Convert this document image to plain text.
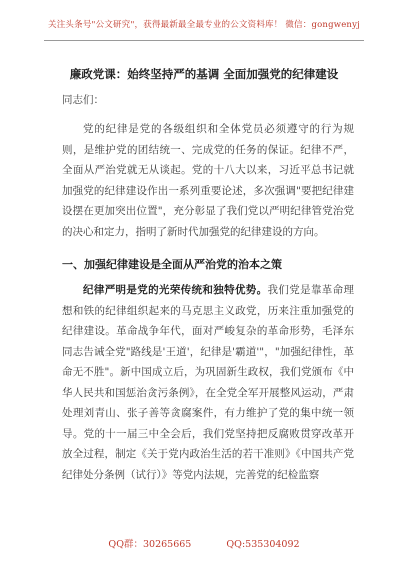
关注头条号"公文研究"，获得最新最全最专业的公文资料库！ 微信：gongwenyj
廉政党课：始终坚持严的基调 全面加强党的纪律建设
同志们：

党的纪律是党的各级组织和全体党员必须遵守的行为规则，是维护党的团结统一、完成党的任务的保证。纪律不严，全面从严治党就无从谈起。党的十八大以来，习近平总书记就加强党的纪律建设作出一系列重要论述，多次强调"要把纪律建设摆在更加突出位置"，充分彰显了我们党以严明纪律管党治党的决心和定力，指明了新时代加强党的纪律建设的方向。

一、加强纪律建设是全面从严治党的治本之策

纪律严明是党的光荣传统和独特优势。我们党是靠革命理想和铁的纪律组织起来的马克思主义政党，历来注重加强党的纪律建设。革命战争年代，面对严峻复杂的革命形势，毛泽东同志告诫全党"路线是'王道'，纪律是'霸道'"，"加强纪律性，革命无不胜"。新中国成立后，为巩固新生政权，我们党颁布《中华人民共和国惩治贪污条例》，在全党全军开展整风运动，严肃处理刘青山、张子善等贪腐案件，有力维护了党的集中统一领导。党的十一届三中全会后，我们党坚持把反腐败贯穿改革开放全过程，制定《关于党内政治生活的若干准则》《中国共产党纪律处分条例（试行）》等党内法规，完善党的纪检监察

QQ群：30265665	QQ:535304092
